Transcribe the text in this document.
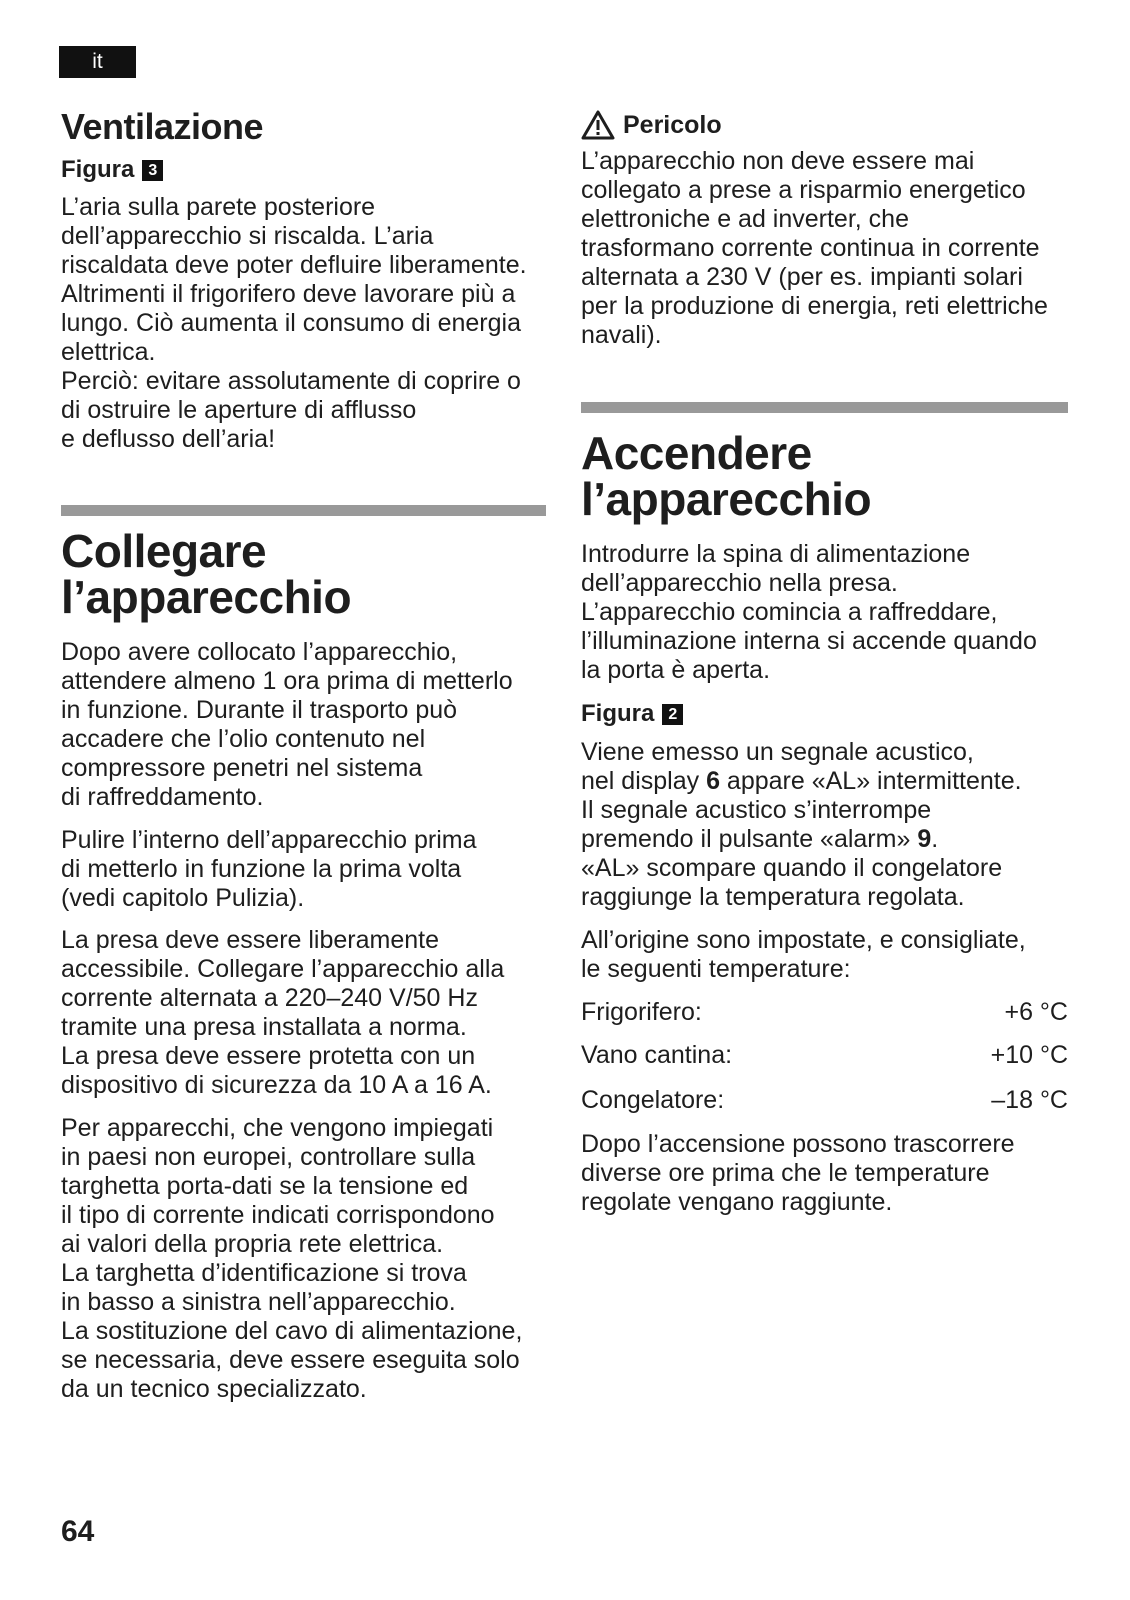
it
Ventilazione
Figura 3

L’aria sulla parete posteriore
dell’apparecchio si riscalda. L’aria
riscaldata deve poter defluire liberamente.
Altrimenti il frigorifero deve lavorare più a
lungo. Ciò aumenta il consumo di energia
elettrica.
Perciò: evitare assolutamente di coprire o
di ostruire le aperture di afflusso
e deflusso dell’aria!

Collegare
l’apparecchio

Dopo avere collocato l’apparecchio,
attendere almeno 1 ora prima di metterlo
in funzione. Durante il trasporto può
accadere che l’olio contenuto nel
compressore penetri nel sistema
di raffreddamento.

Pulire l’interno dell’apparecchio prima
di metterlo in funzione la prima volta
(vedi capitolo Pulizia).

La presa deve essere liberamente
accessibile. Collegare l’apparecchio alla
corrente alternata a 220–240 V/50 Hz
tramite una presa installata a norma.
La presa deve essere protetta con un
dispositivo di sicurezza da 10 A a 16 A.

Per apparecchi, che vengono impiegati
in paesi non europei, controllare sulla
targhetta porta-dati se la tensione ed
il tipo di corrente indicati corrispondono
ai valori della propria rete elettrica.
La targhetta d’identificazione si trova
in basso a sinistra nell’apparecchio.
La sostituzione del cavo di alimentazione,
se necessaria, deve essere eseguita solo
da un tecnico specializzato.

Pericolo

L’apparecchio non deve essere mai
collegato a prese a risparmio energetico
elettroniche e ad inverter, che
trasformano corrente continua in corrente
alternata a 230 V (per es. impianti solari
per la produzione di energia, reti elettriche
navali).

Accendere
l’apparecchio

Introdurre la spina di alimentazione
dell’apparecchio nella presa.
L’apparecchio comincia a raffreddare,
l’illuminazione interna si accende quando
la porta è aperta.

Figura 2

Viene emesso un segnale acustico,
nel display 6 appare «AL» intermittente.
Il segnale acustico s’interrompe
premendo il pulsante «alarm» 9.
«AL» scompare quando il congelatore
raggiunge la temperatura regolata.

All’origine sono impostate, e consigliate,
le seguenti temperature:

Frigorifero:	+6 °C
Vano cantina:	+10 °C
Congelatore:	–18 °C

Dopo l’accensione possono trascorrere
diverse ore prima che le temperature
regolate vengano raggiunte.

64
